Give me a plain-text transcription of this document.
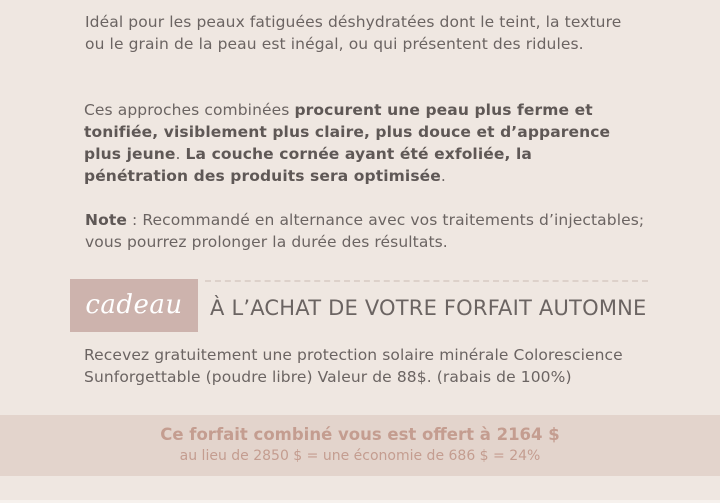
Idéal pour les peaux fatiguées déshydratées dont le teint, la texture ou le grain de la peau est inégal, ou qui présentent des ridules.

Ces approches combinées procurent une peau plus ferme et tonifiée, visiblement plus claire, plus douce et d’apparence plus jeune. La couche cornée ayant été exfoliée, la pénétration des produits sera optimisée.

Note : Recommandé en alternance avec vos traitements d’injectables; vous pourrez prolonger la durée des résultats.

cadeau	À L’ACHAT DE VOTRE FORFAIT AUTOMNE

Recevez gratuitement une protection solaire minérale Colorescience Sunforgettable (poudre libre) Valeur de 88$. (rabais de 100%)

Ce forfait combiné vous est offert à 2164 $
au lieu de 2850 $ = une économie de 686 $ = 24%
